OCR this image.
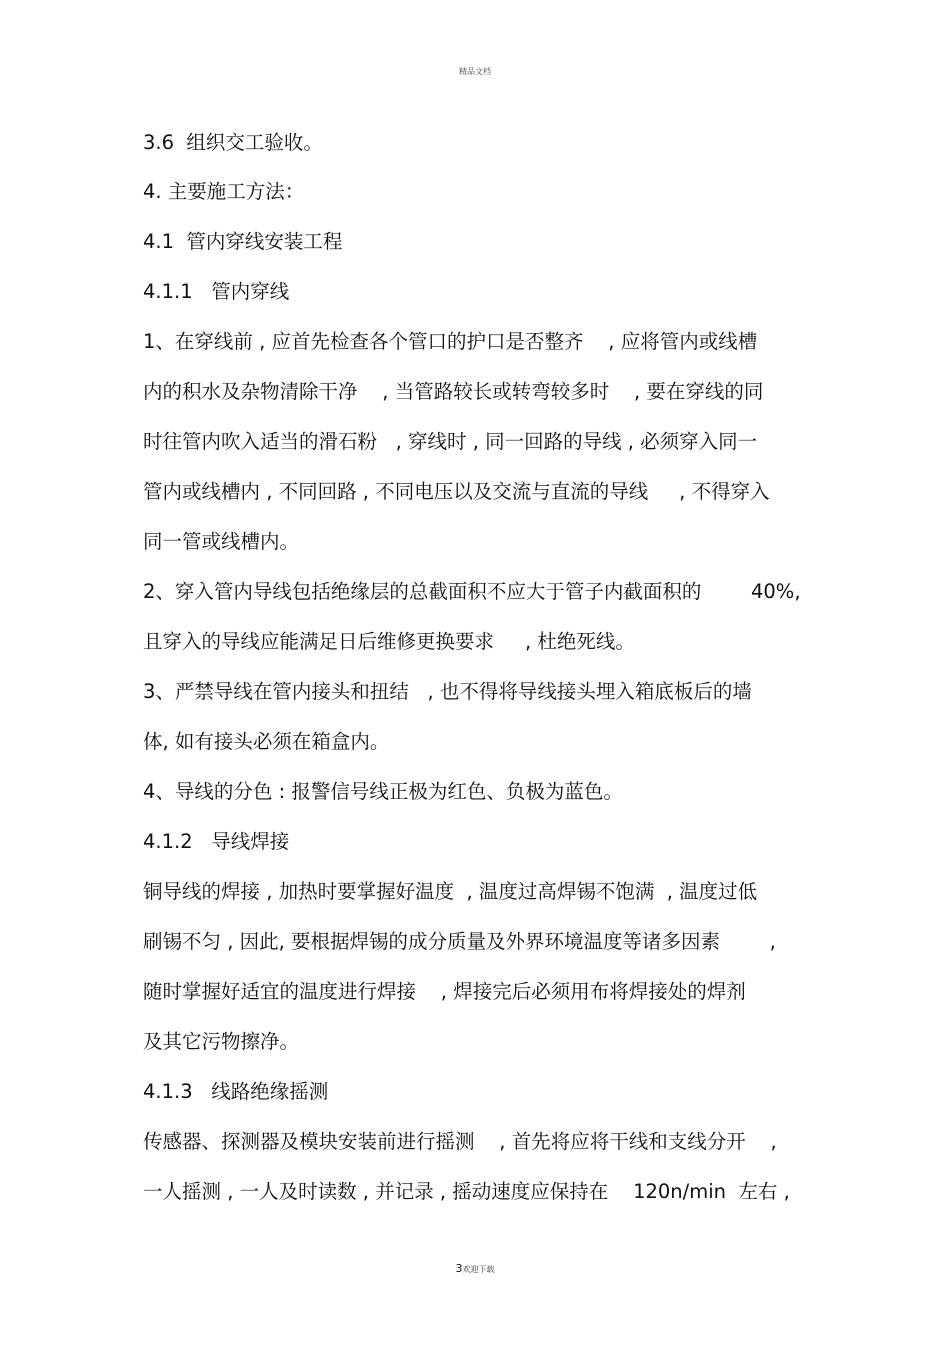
精品文档
3.6  组织交工验收。
4. 主要施工方法：
4.1  管内穿线安装工程
4.1.1   管内穿线
1、在穿线前 , 应首先检查各个管口的护口是否整齐    , 应将管内或线槽
内的积水及杂物清除干净    , 当管路较长或转弯较多时    , 要在穿线的同
时往管内吹入适当的滑石粉   , 穿线时 , 同一回路的导线 , 必须穿入同一
管内或线槽内 , 不同回路 , 不同电压以及交流与直流的导线     , 不得穿入
同一管或线槽内。
2、穿入管内导线包括绝缘层的总截面积不应大于管子内截面积的        40%,
且穿入的导线应能满足日后维修更换要求     , 杜绝死线。
3、严禁导线在管内接头和扭结   , 也不得将导线接头埋入箱底板后的墙
体, 如有接头必须在箱盒内。
4、导线的分色 : 报警信号线正极为红色、负极为蓝色。
4.1.2   导线焊接
铜导线的焊接 , 加热时要掌握好温度  , 温度过高焊锡不饱满  , 温度过低
刷锡不匀 , 因此, 要根据焊锡的成分质量及外界环境温度等诸多因素        ,
随时掌握好适宜的温度进行焊接    , 焊接完后必须用布将焊接处的焊剂
及其它污物擦净。
4.1.3   线路绝缘摇测
传感器、探测器及模块安装前进行摇测    , 首先将应将干线和支线分开    ,
一人摇测 , 一人及时读数 , 并记录 , 摇动速度应保持在    120n/min  左右 ,
3欢迎下载
